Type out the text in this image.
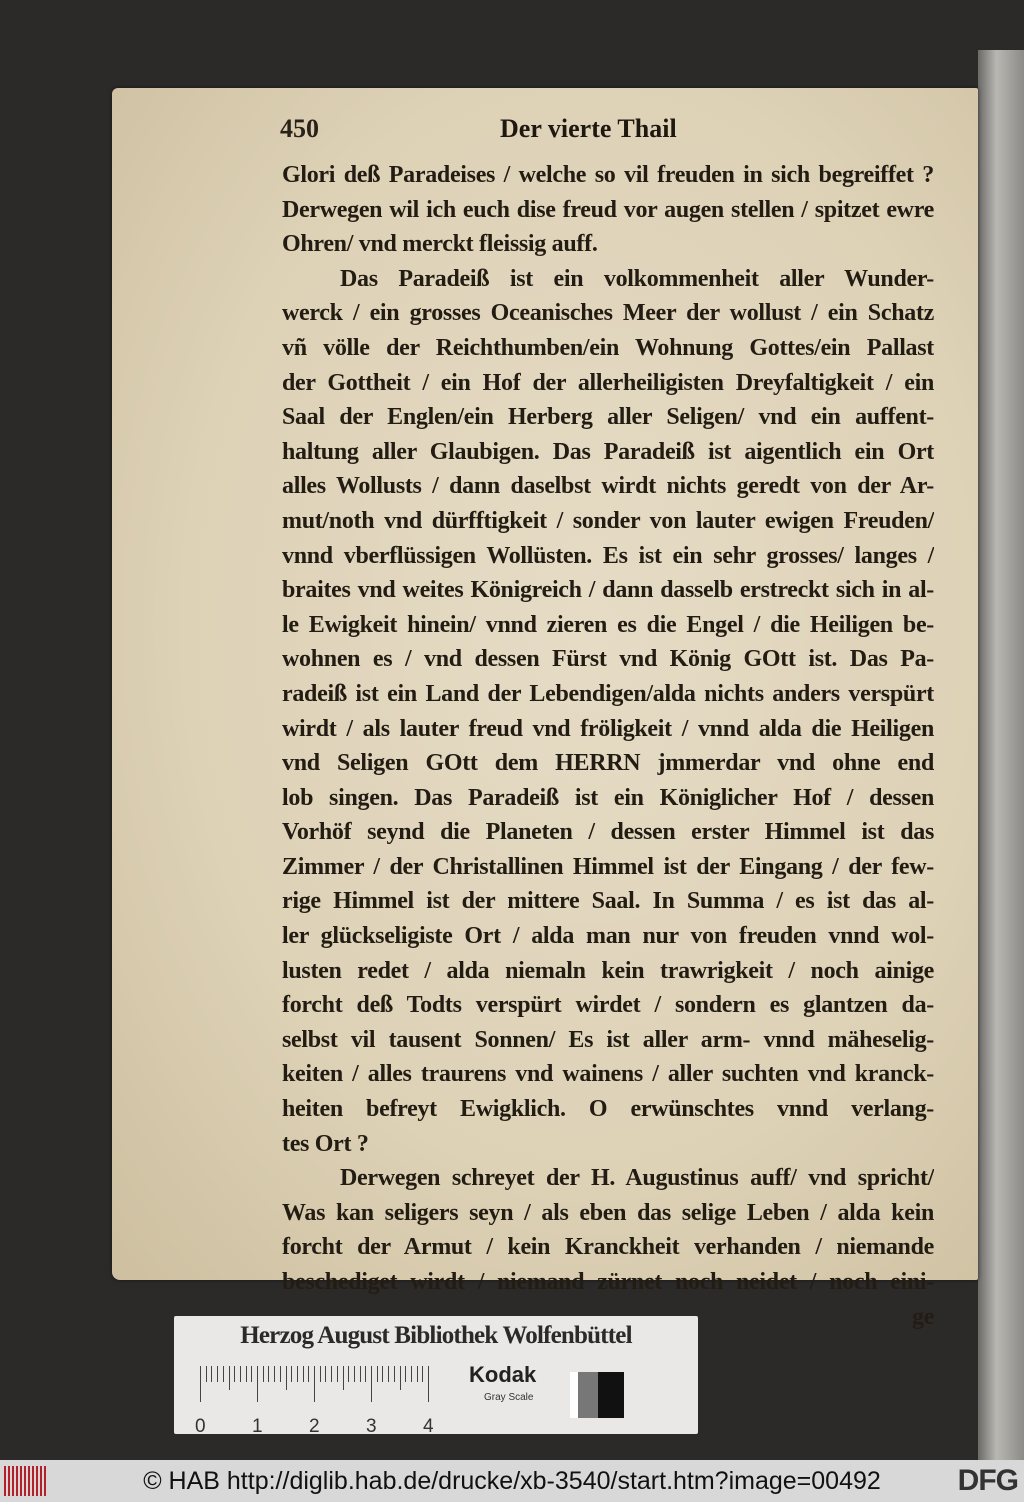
450	Der vierte Thail
Glori deß Paradeises / welche so vil freuden in sich begreiffet ?
Derwegen wil ich euch dise freud vor augen stellen / spitzet ewre
Ohren/ vnd merckt fleissig auff.
Das Paradeiß ist ein volkommenheit aller Wunder-
werck / ein grosses Oceanisches Meer der wollust / ein Schatz
vñ völle der Reichthumben/ein Wohnung Gottes/ein Pallast
der Gottheit / ein Hof der allerheiligisten Dreyfaltigkeit / ein
Saal der Englen/ein Herberg aller Seligen/ vnd ein auffent-
haltung aller Glaubigen. Das Paradeiß ist aigentlich ein Ort
alles Wollusts / dann daselbst wirdt nichts geredt von der Ar-
mut/noth vnd dürfftigkeit / sonder von lauter ewigen Freuden/
vnnd vberflüssigen Wollüsten. Es ist ein sehr grosses/ langes /
braites vnd weites Königreich / dann dasselb erstreckt sich in al-
le Ewigkeit hinein/ vnnd zieren es die Engel / die Heiligen be-
wohnen es / vnd dessen Fürst vnd König GOtt ist. Das Pa-
radeiß ist ein Land der Lebendigen/alda nichts anders verspürt
wirdt / als lauter freud vnd fröligkeit / vnnd alda die Heiligen
vnd Seligen GOtt dem HERRN jmmerdar vnd ohne end
lob singen. Das Paradeiß ist ein Königlicher Hof / dessen
Vorhöf seynd die Planeten / dessen erster Himmel ist das
Zimmer / der Christallinen Himmel ist der Eingang / der few-
rige Himmel ist der mittere Saal. In Summa / es ist das al-
ler glückseligiste Ort / alda man nur von freuden vnnd wol-
lusten redet / alda niemaln kein trawrigkeit / noch ainige
forcht deß Todts verspürt wirdet / sondern es glantzen da-
selbst vil tausent Sonnen/ Es ist aller arm- vnnd mäheselig-
keiten / alles traurens vnd wainens / aller suchten vnd kranck-
heiten befreyt Ewigklich. O erwünschtes vnnd verlang-
tes Ort ?
Derwegen schreyet der H. Augustinus auff/ vnd spricht/
Was kan seligers seyn / als eben das selige Leben / alda kein
forcht der Armut / kein Kranckheit verhanden / niemande
beschediget wirdt / niemand zürnet noch neidet / noch eini-
ge
Herzog August Bibliothek Wolfenbüttel
0 1 2 3 4
Kodak
Gray Scale
© HAB http://diglib.hab.de/drucke/xb-3540/start.htm?image=00492	DFG
